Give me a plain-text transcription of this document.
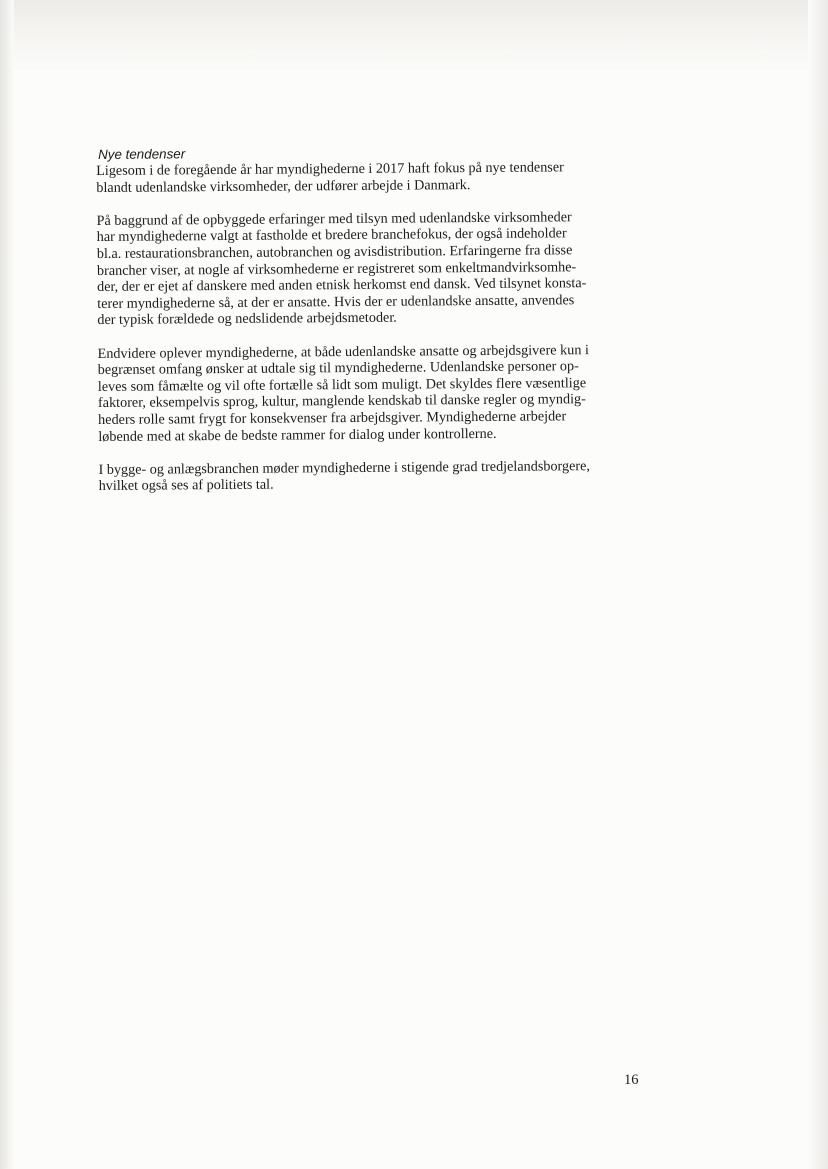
Nye tendenser
Ligesom i de foregående år har myndighederne i 2017 haft fokus på nye tendenser
blandt udenlandske virksomheder, der udfører arbejde i Danmark.
På baggrund af de opbyggede erfaringer med tilsyn med udenlandske virksomheder
har myndighederne valgt at fastholde et bredere branchefokus, der også indeholder
bl.a. restaurationsbranchen, autobranchen og avisdistribution. Erfaringerne fra disse
brancher viser, at nogle af virksomhederne er registreret som enkeltmandvirksomhe-
der, der er ejet af danskere med anden etnisk herkomst end dansk. Ved tilsynet konsta-
terer myndighederne så, at der er ansatte. Hvis der er udenlandske ansatte, anvendes
der typisk forældede og nedslidende arbejdsmetoder.
Endvidere oplever myndighederne, at både udenlandske ansatte og arbejdsgivere kun i
begrænset omfang ønsker at udtale sig til myndighederne. Udenlandske personer op-
leves som fåmælte og vil ofte fortælle så lidt som muligt. Det skyldes flere væsentlige
faktorer, eksempelvis sprog, kultur, manglende kendskab til danske regler og myndig-
heders rolle samt frygt for konsekvenser fra arbejdsgiver. Myndighederne arbejder
løbende med at skabe de bedste rammer for dialog under kontrollerne.
I bygge- og anlægsbranchen møder myndighederne i stigende grad tredjelandsborgere,
hvilket også ses af politiets tal.
16
